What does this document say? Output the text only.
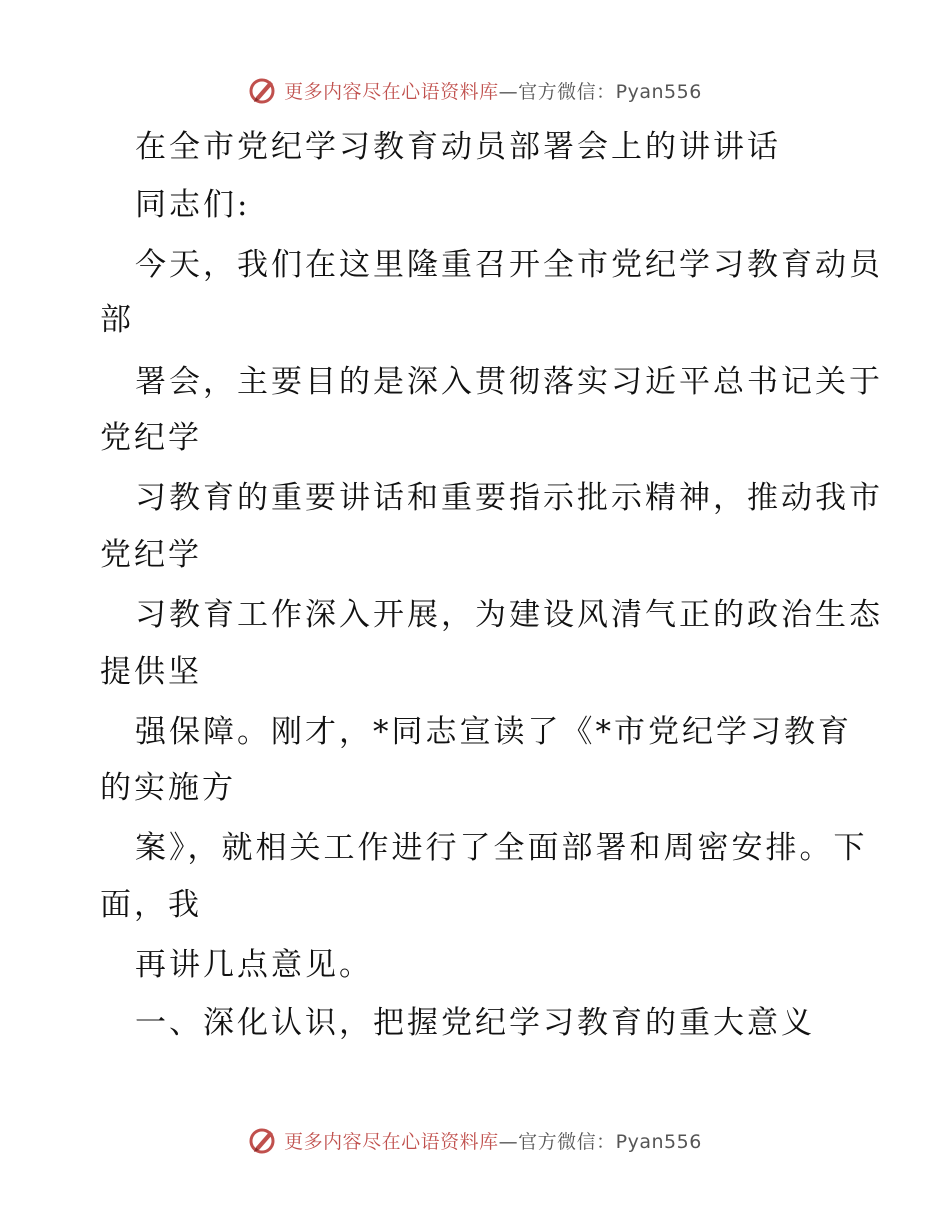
更多内容尽在心语资料库—官方微信：Pyan556
在全市党纪学习教育动员部署会上的讲讲话
同志们:
今天，我们在这里隆重召开全市党纪学习教育动员
部
署会，主要目的是深入贯彻落实习近平总书记关于
党纪学
习教育的重要讲话和重要指示批示精神，推动我市
党纪学
习教育工作深入开展，为建设风清气正的政治生态
提供坚
强保障。刚才，*同志宣读了《*市党纪学习教育
的实施方
案》，就相关工作进行了全面部署和周密安排。下
面，我
再讲几点意见。
一、深化认识，把握党纪学习教育的重大意义
更多内容尽在心语资料库—官方微信：Pyan556
